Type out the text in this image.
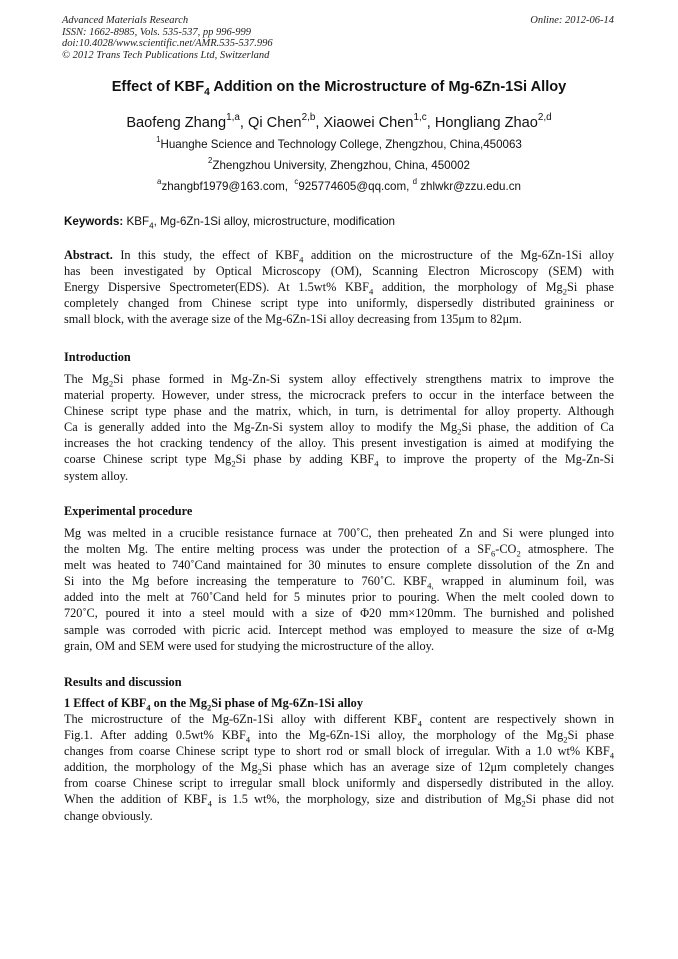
Advanced Materials Research
ISSN: 1662-8985, Vols. 535-537, pp 996-999
doi:10.4028/www.scientific.net/AMR.535-537.996
© 2012 Trans Tech Publications Ltd, Switzerland
Online: 2012-06-14
Effect of $KBF_4$ Addition on the Microstructure of Mg-6Zn-1Si Alloy
Baofeng Zhang$^{1,a}$, Qi Chen$^{2,b}$, Xiaowei Chen$^{1,c}$, Hongliang Zhao$^{2,d}$
$^1$Huanghe Science and Technology College, Zhengzhou, China,450063
$^2$Zhengzhou University, Zhengzhou, China, 450002
$^a$zhangbf1979@163.com, $^c$925774605@qq.com, $^d$ zhlwkr@zzu.edu.cn
Keywords: $KBF_4$, Mg-6Zn-1Si alloy, microstructure, modification
Abstract. In this study, the effect of $KBF_4$ addition on the microstructure of the Mg-6Zn-1Si alloy
has been investigated by Optical Microscopy (OM), Scanning Electron Microscopy (SEM) with
Energy Dispersive Spectrometer(EDS). At 1.5wt% $KBF_4$ addition, the morphology of $Mg_2Si$ phase
completely changed from Chinese script type into uniformly, dispersedly distributed graininess or
small block, with the average size of the Mg-6Zn-1Si alloy decreasing from 135μm to 82μm.
Introduction
The $Mg_2Si$ phase formed in Mg-Zn-Si system alloy effectively strengthens matrix to improve the
material property. However, under stress, the microcrack prefers to occur in the interface between the
Chinese script type phase and the matrix, which, in turn, is detrimental for alloy property. Although
Ca is generally added into the Mg-Zn-Si system alloy to modify the $Mg_2Si$ phase, the addition of Ca
increases the hot cracking tendency of the alloy. This present investigation is aimed at modifying the
coarse Chinese script type $Mg_2Si$ phase by adding $KBF_4$ to improve the property of the Mg-Zn-Si
system alloy.
Experimental procedure
Mg was melted in a crucible resistance furnace at 700˚C, then preheated Zn and Si were plunged into
the molten Mg. The entire melting process was under the protection of a $SF_6-CO_2$ atmosphere. The
melt was heated to 740˚Cand maintained for 30 minutes to ensure complete dissolution of the Zn and
Si into the Mg before increasing the temperature to 760˚C. $KBF_{4,}$ wrapped in aluminum foil, was
added into the melt at 760˚Cand held for 5 minutes prior to pouring. When the melt cooled down to
720˚C, poured it into a steel mould with a size of Φ20 mm×120mm. The burnished and polished
sample was corroded with picric acid. Intercept method was employed to measure the size of α-Mg
grain, OM and SEM were used for studying the microstructure of the alloy.
Results and discussion
1 Effect of $KBF_4$ on the $Mg_2Si$ phase of Mg-6Zn-1Si alloy
The microstructure of the Mg-6Zn-1Si alloy with different $KBF_4$ content are respectively shown in
Fig.1. After adding 0.5wt% $KBF_4$ into the Mg-6Zn-1Si alloy, the morphology of the $Mg_2Si$ phase
changes from coarse Chinese script type to short rod or small block of irregular. With a 1.0 wt% $KBF_4$
addition, the morphology of the $Mg_2Si$ phase which has an average size of 12μm completely changes
from coarse Chinese script to irregular small block uniformly and dispersedly distributed in the alloy.
When the addition of $KBF_4$ is 1.5 wt%, the morphology, size and distribution of $Mg_2Si$ phase did not
change obviously.
